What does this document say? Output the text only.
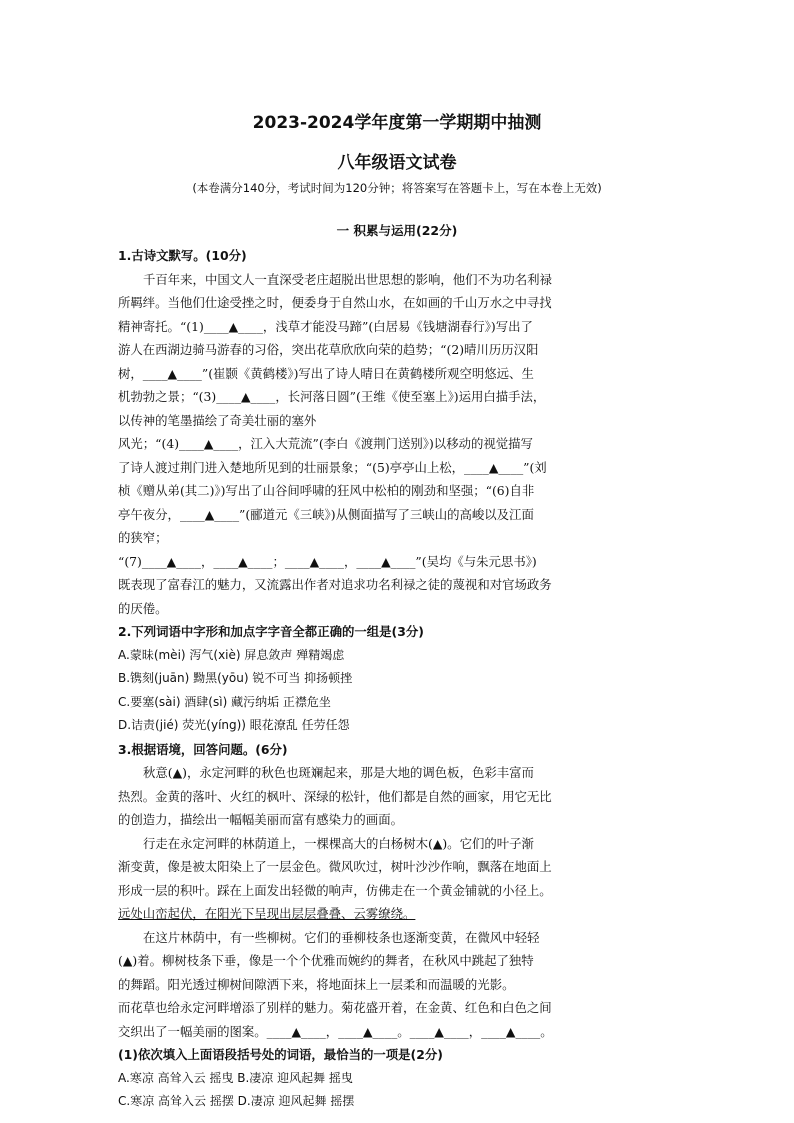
2023-2024学年度第一学期期中抽测
八年级语文试卷
(本卷满分140分，考试时间为120分钟；将答案写在答题卡上，写在本卷上无效)
一 积累与运用(22分)
1.古诗文默写。(10分)
千百年来，中国文人一直深受老庄超脱出世思想的影响，他们不为功名利禄
所羁绊。当他们仕途受挫之时，便委身于自然山水，在如画的千山万水之中寻找
精神寄托。“(1)____▲____，浅草才能没马蹄”(白居易《钱塘湖春行》)写出了
游人在西湖边骑马游春的习俗，突出花草欣欣向荣的趋势；“(2)晴川历历汉阳
树，____▲____”(崔颢《黄鹤楼》)写出了诗人晴日在黄鹤楼所观空明悠远、生
机勃勃之景；“(3)____▲____，长河落日圆”(王维《使至塞上》)运用白描手法，
以传神的笔墨描绘了奇美壮丽的塞外
风光；“(4)____▲____，江入大荒流”(李白《渡荆门送别》)以移动的视觉描写
了诗人渡过荆门进入楚地所见到的壮丽景象；“(5)亭亭山上松，____▲____”(刘
桢《赠从弟(其二)》)写出了山谷间呼啸的狂风中松柏的刚劲和坚强；“(6)自非
亭午夜分，____▲____”(郦道元《三峡》)从侧面描写了三峡山的高峻以及江面
的狭窄；
“(7)____▲____，____▲____；____▲____，____▲____”(吴均《与朱元思书》)
既表现了富春江的魅力，又流露出作者对追求功名利禄之徒的蔑视和对官场政务
的厌倦。
2.下列词语中字形和加点字字音全都正确的一组是(3分)
A.蒙昧(mèi) 泻气(xiè) 屏息敛声 殚精竭虑
B.镌刻(juān) 黝黑(yōu) 锐不可当 抑扬顿挫
C.要塞(sài) 酒肆(sì) 藏污纳垢 正襟危坐
D.诘责(jié) 荧光(yíng)) 眼花潦乱 任劳任怨
3.根据语境，回答问题。(6分)
秋意(▲)，永定河畔的秋色也斑斓起来，那是大地的调色板，色彩丰富而
热烈。金黄的落叶、火红的枫叶、深绿的松针，他们都是自然的画家，用它无比
的创造力，描绘出一幅幅美丽而富有感染力的画面。
行走在永定河畔的林荫道上，一棵棵高大的白杨树木(▲)。它们的叶子渐
渐变黄，像是被太阳染上了一层金色。微风吹过，树叶沙沙作响，飘落在地面上
形成一层的积叶。踩在上面发出轻微的响声，仿佛走在一个黄金铺就的小径上。
远处山峦起伏，在阳光下呈现出层层叠叠、云雾缭绕。
在这片林荫中，有一些柳树。它们的垂柳枝条也逐渐变黄，在微风中轻轻
(▲)着。柳树枝条下垂，像是一个个优雅而婉约的舞者，在秋风中跳起了独特
的舞蹈。阳光透过柳树间隙洒下来，将地面抹上一层柔和而温暖的光影。
而花草也给永定河畔增添了别样的魅力。菊花盛开着，在金黄、红色和白色之间
交织出了一幅美丽的图案。____▲____，____▲____。____▲____，____▲____。
(1)依次填入上面语段括号处的词语，最恰当的一项是(2分)
A.寒凉 高耸入云 摇曳 B.凄凉 迎风起舞 摇曳
C.寒凉 高耸入云 摇摆 D.凄凉 迎风起舞 摇摆
